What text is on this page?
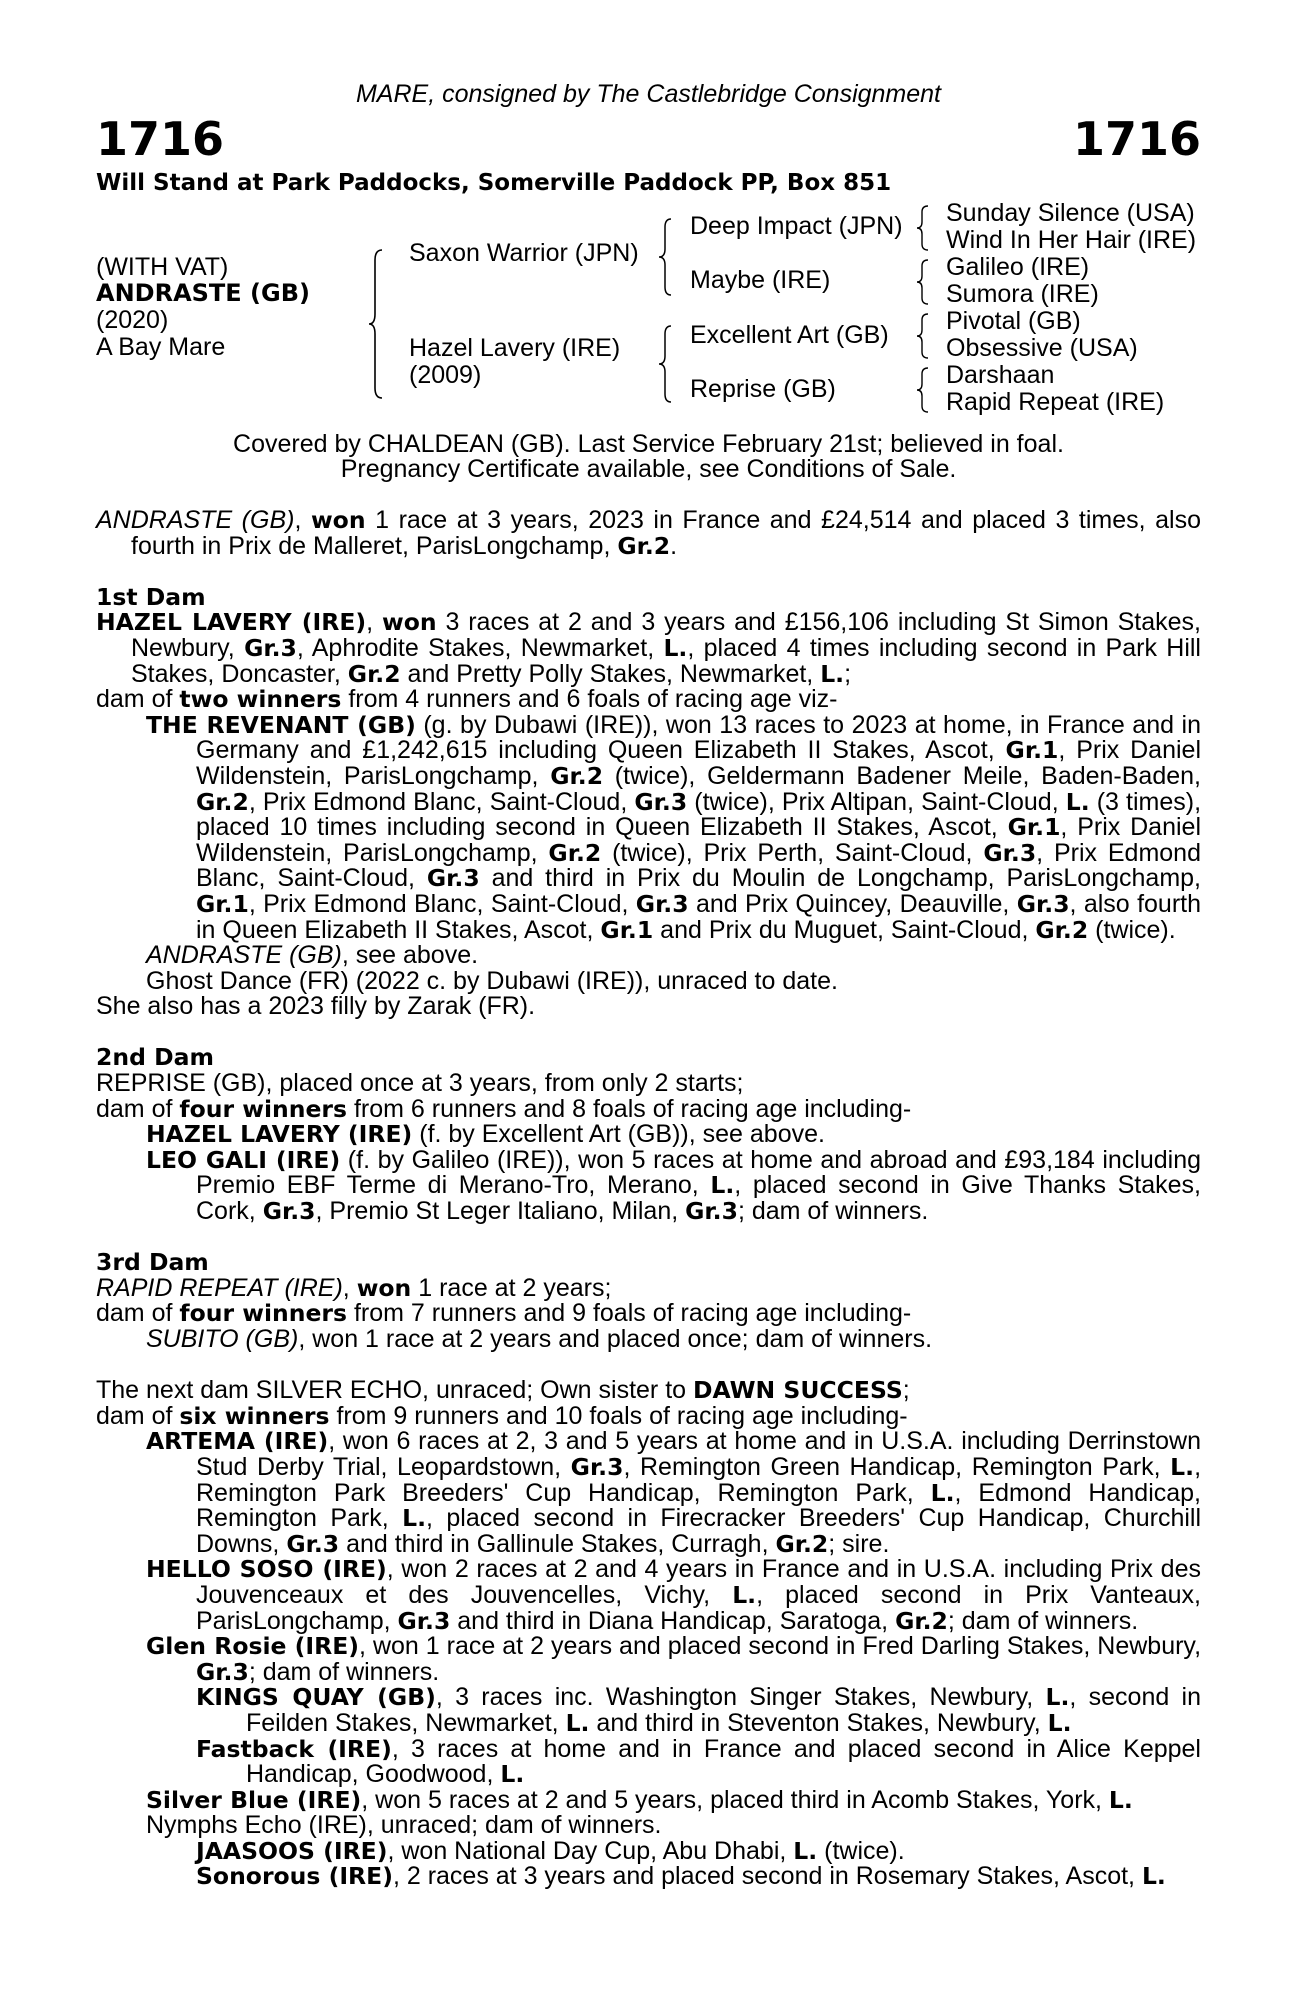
MARE, consigned by The Castlebridge Consignment
1716	1716
Will Stand at Park Paddocks, Somerville Paddock PP, Box 851
(WITH VAT)
ANDRASTE (GB)
(2020)
A Bay Mare
Saxon Warrior (JPN)
Hazel Lavery (IRE)
(2009)
Deep Impact (JPN)
Maybe (IRE)
Excellent Art (GB)
Reprise (GB)
Sunday Silence (USA)
Wind In Her Hair (IRE)
Galileo (IRE)
Sumora (IRE)
Pivotal (GB)
Obsessive (USA)
Darshaan
Rapid Repeat (IRE)
Covered by CHALDEAN (GB). Last Service February 21st; believed in foal.
Pregnancy Certificate available, see Conditions of Sale.

ANDRASTE (GB), won 1 race at 3 years, 2023 in France and £24,514 and placed 3 times, also fourth in Prix de Malleret, ParisLongchamp, Gr.2.

1st Dam

HAZEL LAVERY (IRE), won 3 races at 2 and 3 years and £156,106 including St Simon Stakes, Newbury, Gr.3, Aphrodite Stakes, Newmarket, L., placed 4 times including second in Park Hill Stakes, Doncaster, Gr.2 and Pretty Polly Stakes, Newmarket, L.;

dam of two winners from 4 runners and 6 foals of racing age viz-

THE REVENANT (GB) (g. by Dubawi (IRE)), won 13 races to 2023 at home, in France and in Germany and £1,242,615 including Queen Elizabeth II Stakes, Ascot, Gr.1, Prix Daniel Wildenstein, ParisLongchamp, Gr.2 (twice), Geldermann Badener Meile, Baden-Baden, Gr.2, Prix Edmond Blanc, Saint-Cloud, Gr.3 (twice), Prix Altipan, Saint-Cloud, L. (3 times), placed 10 times including second in Queen Elizabeth II Stakes, Ascot, Gr.1, Prix Daniel Wildenstein, ParisLongchamp, Gr.2 (twice), Prix Perth, Saint-Cloud, Gr.3, Prix Edmond Blanc, Saint-Cloud, Gr.3 and third in Prix du Moulin de Longchamp, ParisLongchamp, Gr.1, Prix Edmond Blanc, Saint-Cloud, Gr.3 and Prix Quincey, Deauville, Gr.3, also fourth in Queen Elizabeth II Stakes, Ascot, Gr.1 and Prix du Muguet, Saint-Cloud, Gr.2 (twice).

ANDRASTE (GB), see above.

Ghost Dance (FR) (2022 c. by Dubawi (IRE)), unraced to date.

She also has a 2023 filly by Zarak (FR).

2nd Dam

REPRISE (GB), placed once at 3 years, from only 2 starts;

dam of four winners from 6 runners and 8 foals of racing age including-

HAZEL LAVERY (IRE) (f. by Excellent Art (GB)), see above.

LEO GALI (IRE) (f. by Galileo (IRE)), won 5 races at home and abroad and £93,184 including Premio EBF Terme di Merano-Tro, Merano, L., placed second in Give Thanks Stakes, Cork, Gr.3, Premio St Leger Italiano, Milan, Gr.3; dam of winners.

3rd Dam

RAPID REPEAT (IRE), won 1 race at 2 years;

dam of four winners from 7 runners and 9 foals of racing age including-

SUBITO (GB), won 1 race at 2 years and placed once; dam of winners.

The next dam SILVER ECHO, unraced; Own sister to DAWN SUCCESS;

dam of six winners from 9 runners and 10 foals of racing age including-

ARTEMA (IRE), won 6 races at 2, 3 and 5 years at home and in U.S.A. including Derrinstown Stud Derby Trial, Leopardstown, Gr.3, Remington Green Handicap, Remington Park, L., Remington Park Breeders' Cup Handicap, Remington Park, L., Edmond Handicap, Remington Park, L., placed second in Firecracker Breeders' Cup Handicap, Churchill Downs, Gr.3 and third in Gallinule Stakes, Curragh, Gr.2; sire.

HELLO SOSO (IRE), won 2 races at 2 and 4 years in France and in U.S.A. including Prix des Jouvenceaux et des Jouvencelles, Vichy, L., placed second in Prix Vanteaux, ParisLongchamp, Gr.3 and third in Diana Handicap, Saratoga, Gr.2; dam of winners.

Glen Rosie (IRE), won 1 race at 2 years and placed second in Fred Darling Stakes, Newbury, Gr.3; dam of winners.

KINGS QUAY (GB), 3 races inc. Washington Singer Stakes, Newbury, L., second in Feilden Stakes, Newmarket, L. and third in Steventon Stakes, Newbury, L.

Fastback (IRE), 3 races at home and in France and placed second in Alice Keppel Handicap, Goodwood, L.

Silver Blue (IRE), won 5 races at 2 and 5 years, placed third in Acomb Stakes, York, L.

Nymphs Echo (IRE), unraced; dam of winners.

JAASOOS (IRE), won National Day Cup, Abu Dhabi, L. (twice).

Sonorous (IRE), 2 races at 3 years and placed second in Rosemary Stakes, Ascot, L.
